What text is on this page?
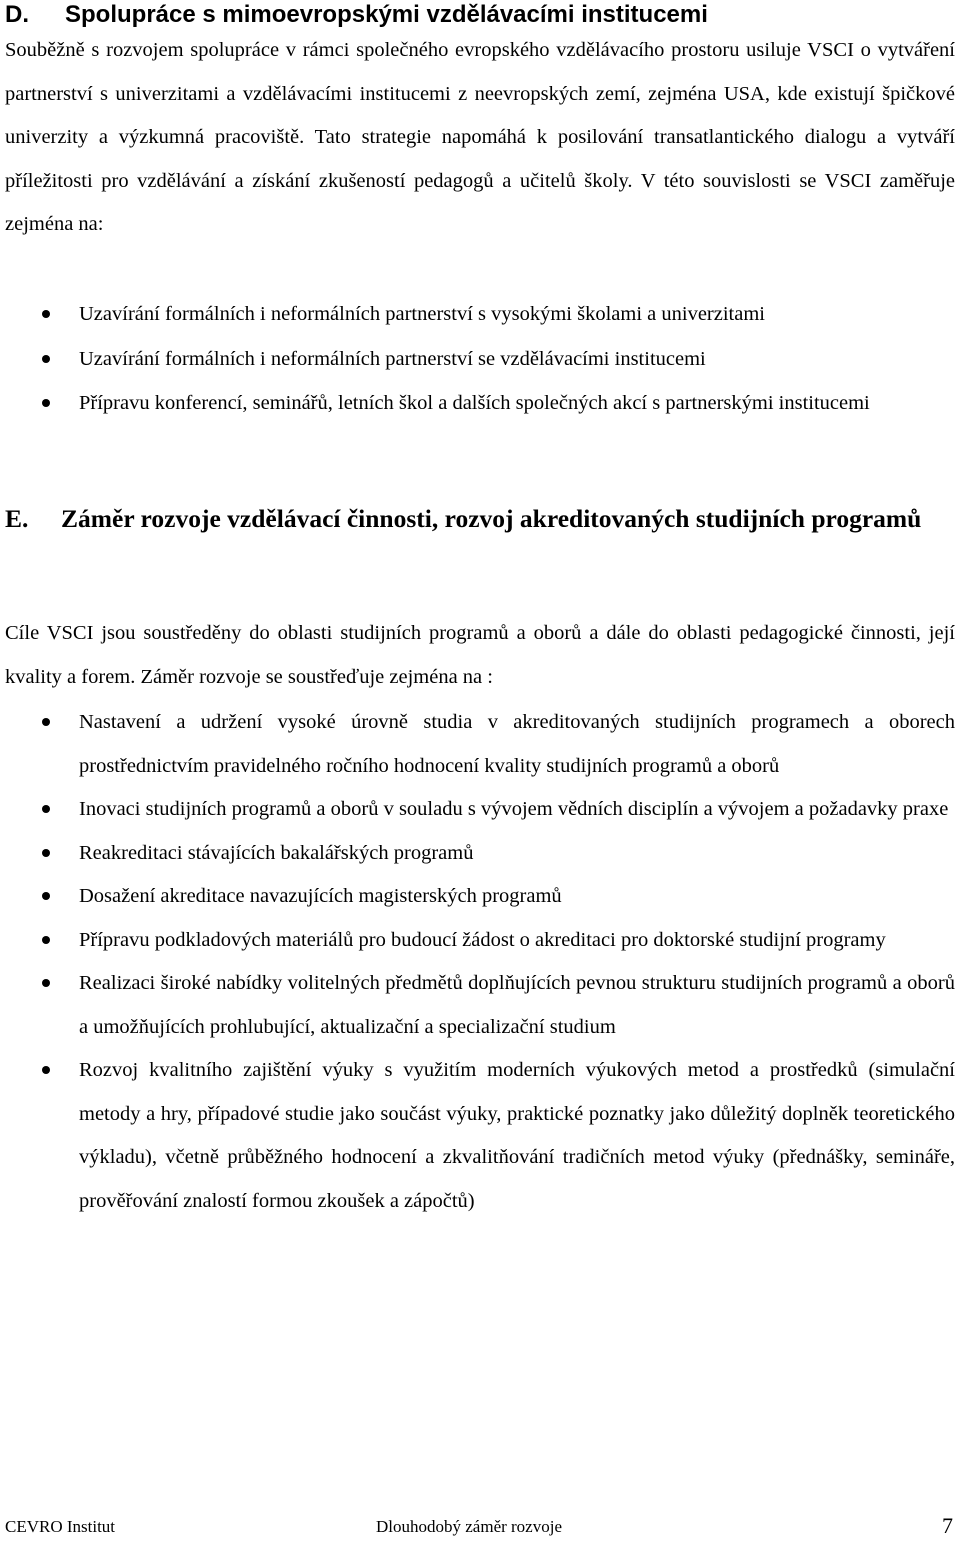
D.	Spolupráce s mimoevropskými vzdělávacími institucemi

Souběžně s rozvojem spolupráce v rámci společného evropského vzdělávacího prostoru usiluje VSCI o vytváření partnerství s univerzitami a vzdělávacími institucemi z neevropských zemí, zejména USA, kde existují špičkové univerzity a výzkumná pracoviště. Tato strategie napomáhá k posilování transatlantického dialogu a vytváří příležitosti pro vzdělávání a získání zkušeností pedagogů a učitelů školy. V této souvislosti se VSCI zaměřuje zejména na:

Uzavírání formálních i neformálních partnerství s vysokými školami a univerzitami
Uzavírání formálních i neformálních partnerství se vzdělávacími institucemi
Přípravu konferencí, seminářů, letních škol a dalších společných akcí s partnerskými institucemi
E.	Záměr rozvoje vzdělávací činnosti, rozvoj akreditovaných studijních programů

Cíle VSCI jsou soustředěny do oblasti studijních programů a oborů a dále do oblasti pedagogické činnosti, její kvality a forem. Záměr rozvoje se soustřeďuje zejména na :

Nastavení a udržení vysoké úrovně studia v akreditovaných studijních programech a oborech prostřednictvím pravidelného ročního hodnocení kvality studijních programů a oborů
Inovaci studijních programů a oborů v souladu s vývojem vědních disciplín a vývojem a požadavky praxe
Reakreditaci stávajících bakalářských programů
Dosažení akreditace navazujících magisterských programů
Přípravu podkladových materiálů pro budoucí žádost o akreditaci pro doktorské studijní programy
Realizaci široké nabídky volitelných předmětů doplňujících pevnou strukturu studijních programů a oborů a umožňujících prohlubující, aktualizační a specializační studium
Rozvoj kvalitního zajištění výuky s využitím moderních výukových metod a prostředků (simulační metody a hry, případové studie jako součást výuky, praktické poznatky jako důležitý doplněk teoretického výkladu), včetně průběžného hodnocení a zkvalitňování tradičních metod výuky (přednášky, semináře, prověřování znalostí formou zkoušek a zápočtů)
CEVRO Institut	Dlouhodobý záměr rozvoje	7
